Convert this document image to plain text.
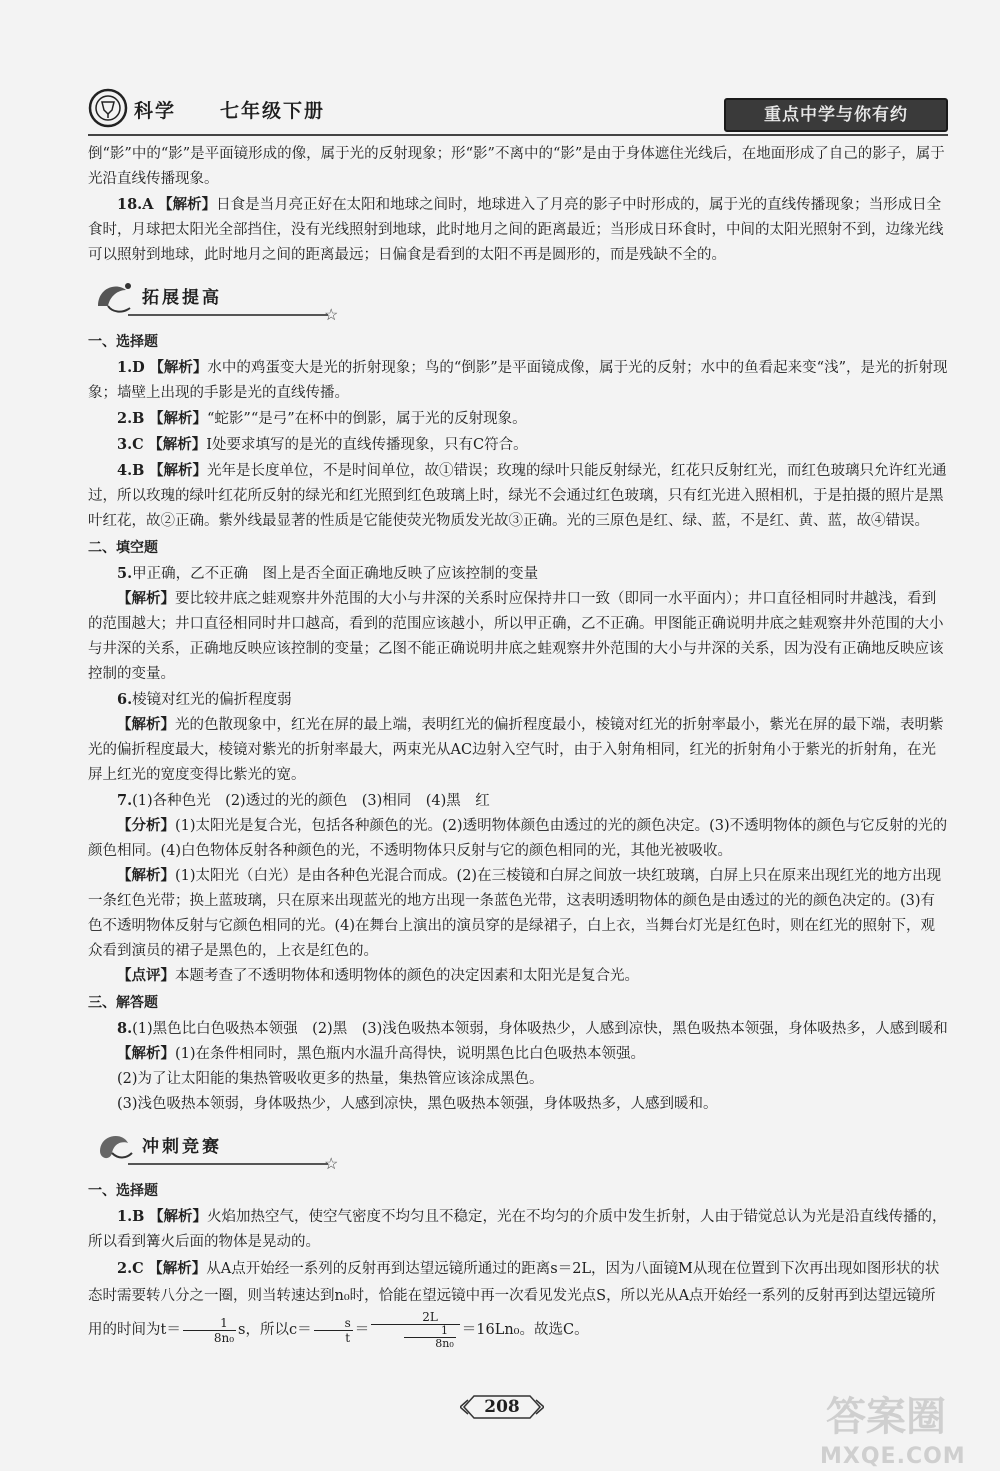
科学 七年级下册	重点中学与你有约

倒“影”中的“影”是平面镜形成的像，属于光的反射现象；形“影”不离中的“影”是由于身体遮住光线后，在地面形成了自己的影子，属于光沿直线传播现象。

18.A 【解析】日食是当月亮正好在太阳和地球之间时，地球进入了月亮的影子中时形成的，属于光的直线传播现象；当形成日全食时，月球把太阳光全部挡住，没有光线照射到地球，此时地月之间的距离最近；当形成日环食时，中间的太阳光照射不到，边缘光线可以照射到地球，此时地月之间的距离最远；日偏食是看到的太阳不再是圆形的，而是残缺不全的。

拓展提高
☆

一、选择题

1.D 【解析】水中的鸡蛋变大是光的折射现象；鸟的“倒影”是平面镜成像，属于光的反射；水中的鱼看起来变“浅”，是光的折射现象；墙壁上出现的手影是光的直线传播。

2.B 【解析】“蛇影”“是弓”在杯中的倒影，属于光的反射现象。

3.C 【解析】Ⅰ处要求填写的是光的直线传播现象，只有C符合。

4.B 【解析】光年是长度单位，不是时间单位，故①错误；玫瑰的绿叶只能反射绿光，红花只反射红光，而红色玻璃只允许红光通过，所以玫瑰的绿叶红花所反射的绿光和红光照到红色玻璃上时，绿光不会通过红色玻璃，只有红光进入照相机，于是拍摄的照片是黑叶红花，故②正确。紫外线最显著的性质是它能使荧光物质发光故③正确。光的三原色是红、绿、蓝，不是红、黄、蓝，故④错误。

二、填空题

5.甲正确，乙不正确　图上是否全面正确地反映了应该控制的变量

【解析】要比较井底之蛙观察井外范围的大小与井深的关系时应保持井口一致（即同一水平面内）；井口直径相同时井越浅，看到的范围越大；井口直径相同时井口越高，看到的范围应该越小，所以甲正确，乙不正确。甲图能正确说明井底之蛙观察井外范围的大小与井深的关系，正确地反映应该控制的变量；乙图不能正确说明井底之蛙观察井外范围的大小与井深的关系，因为没有正确地反映应该控制的变量。

6.棱镜对红光的偏折程度弱

【解析】光的色散现象中，红光在屏的最上端，表明红光的偏折程度最小，棱镜对红光的折射率最小，紫光在屏的最下端，表明紫光的偏折程度最大，棱镜对紫光的折射率最大，两束光从AC边射入空气时，由于入射角相同，红光的折射角小于紫光的折射角，在光屏上红光的宽度变得比紫光的宽。

7.(1)各种色光　(2)透过的光的颜色　(3)相同　(4)黑　红

【分析】(1)太阳光是复合光，包括各种颜色的光。(2)透明物体颜色由透过的光的颜色决定。(3)不透明物体的颜色与它反射的光的颜色相同。(4)白色物体反射各种颜色的光，不透明物体只反射与它的颜色相同的光，其他光被吸收。

【解析】(1)太阳光（白光）是由各种色光混合而成。(2)在三棱镜和白屏之间放一块红玻璃，白屏上只在原来出现红光的地方出现一条红色光带；换上蓝玻璃，只在原来出现蓝光的地方出现一条蓝色光带，这表明透明物体的颜色是由透过的光的颜色决定的。(3)有色不透明物体反射与它颜色相同的光。(4)在舞台上演出的演员穿的是绿裙子，白上衣，当舞台灯光是红色时，则在红光的照射下，观众看到演员的裙子是黑色的，上衣是红色的。

【点评】本题考查了不透明物体和透明物体的颜色的决定因素和太阳光是复合光。

三、解答题

8.(1)黑色比白色吸热本领强　(2)黑　(3)浅色吸热本领弱，身体吸热少，人感到凉快，黑色吸热本领强，身体吸热多，人感到暖和

【解析】(1)在条件相同时，黑色瓶内水温升高得快，说明黑色比白色吸热本领强。

(2)为了让太阳能的集热管吸收更多的热量，集热管应该涂成黑色。

(3)浅色吸热本领弱，身体吸热少，人感到凉快，黑色吸热本领强，身体吸热多，人感到暖和。

冲刺竞赛
☆

一、选择题

1.B 【解析】火焰加热空气，使空气密度不均匀且不稳定，光在不均匀的介质中发生折射，人由于错觉总认为光是沿直线传播的，所以看到篝火后面的物体是晃动的。

2.C 【解析】从A点开始经一系列的反射再到达望远镜所通过的距离s＝2L，因为八面镜M从现在位置到下次再出现如图形状的状态时需要转八分之一圈，则当转速达到n₀时，恰能在望远镜中再一次看见发光点S，所以光从A点开始经一系列的反射再到达望远镜所用的时间为$t= \frac{1}{\text{8n₀}}$ s，所以$c= \frac{s}{t} = \frac{2L}{\frac{1}{\text{8n₀}}} =16Ln_0$。故选C。

208	答案圈
MXQE.COM
